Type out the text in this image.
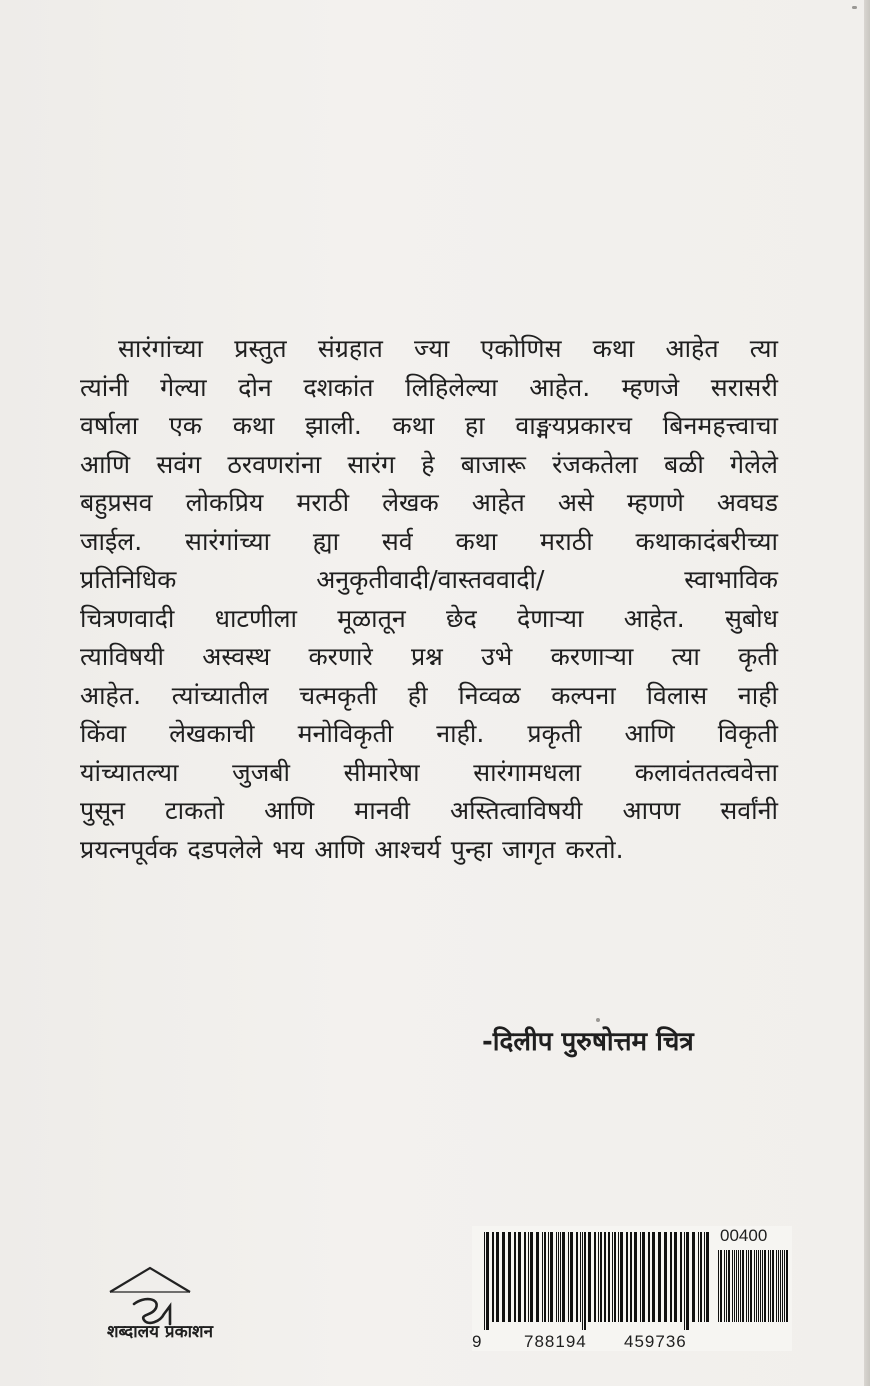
सारंगांच्या प्रस्तुत संग्रहात ज्या एकोणिस कथा आहेत त्या
त्यांनी गेल्या दोन दशकांत लिहिलेल्या आहेत. म्हणजे सरासरी
वर्षाला एक कथा झाली. कथा हा वाङ्मयप्रकारच बिनमहत्त्वाचा
आणि सवंग ठरवणरांना सारंग हे बाजारू रंजकतेला बळी गेलेले
बहुप्रसव लोकप्रिय मराठी लेखक आहेत असे म्हणणे अवघड
जाईल. सारंगांच्या ह्या सर्व कथा मराठी कथाकादंबरीच्या
प्रतिनिधिक अनुकृतीवादी/वास्तववादी/ स्वाभाविक
चित्रणवादी धाटणीला मूळातून छेद देणाऱ्या आहेत. सुबोध
त्याविषयी अस्वस्थ करणारे प्रश्न उभे करणाऱ्या त्या कृती
आहेत. त्यांच्यातील चत्मकृती ही निव्वळ कल्पना विलास नाही
किंवा लेखकाची मनोविकृती नाही. प्रकृती आणि विकृती
यांच्यातल्या जुजबी सीमारेषा सारंगामधला कलावंततत्ववेत्ता
पुसून टाकतो आणि मानवी अस्तित्वाविषयी आपण सर्वांनी
प्रयत्नपूर्वक दडपलेले भय आणि आश्चर्य पुन्हा जागृत करतो.
-दिलीप पुरुषोत्तम चित्र
शब्दालय प्रकाशन
00400
9	788194 459736
